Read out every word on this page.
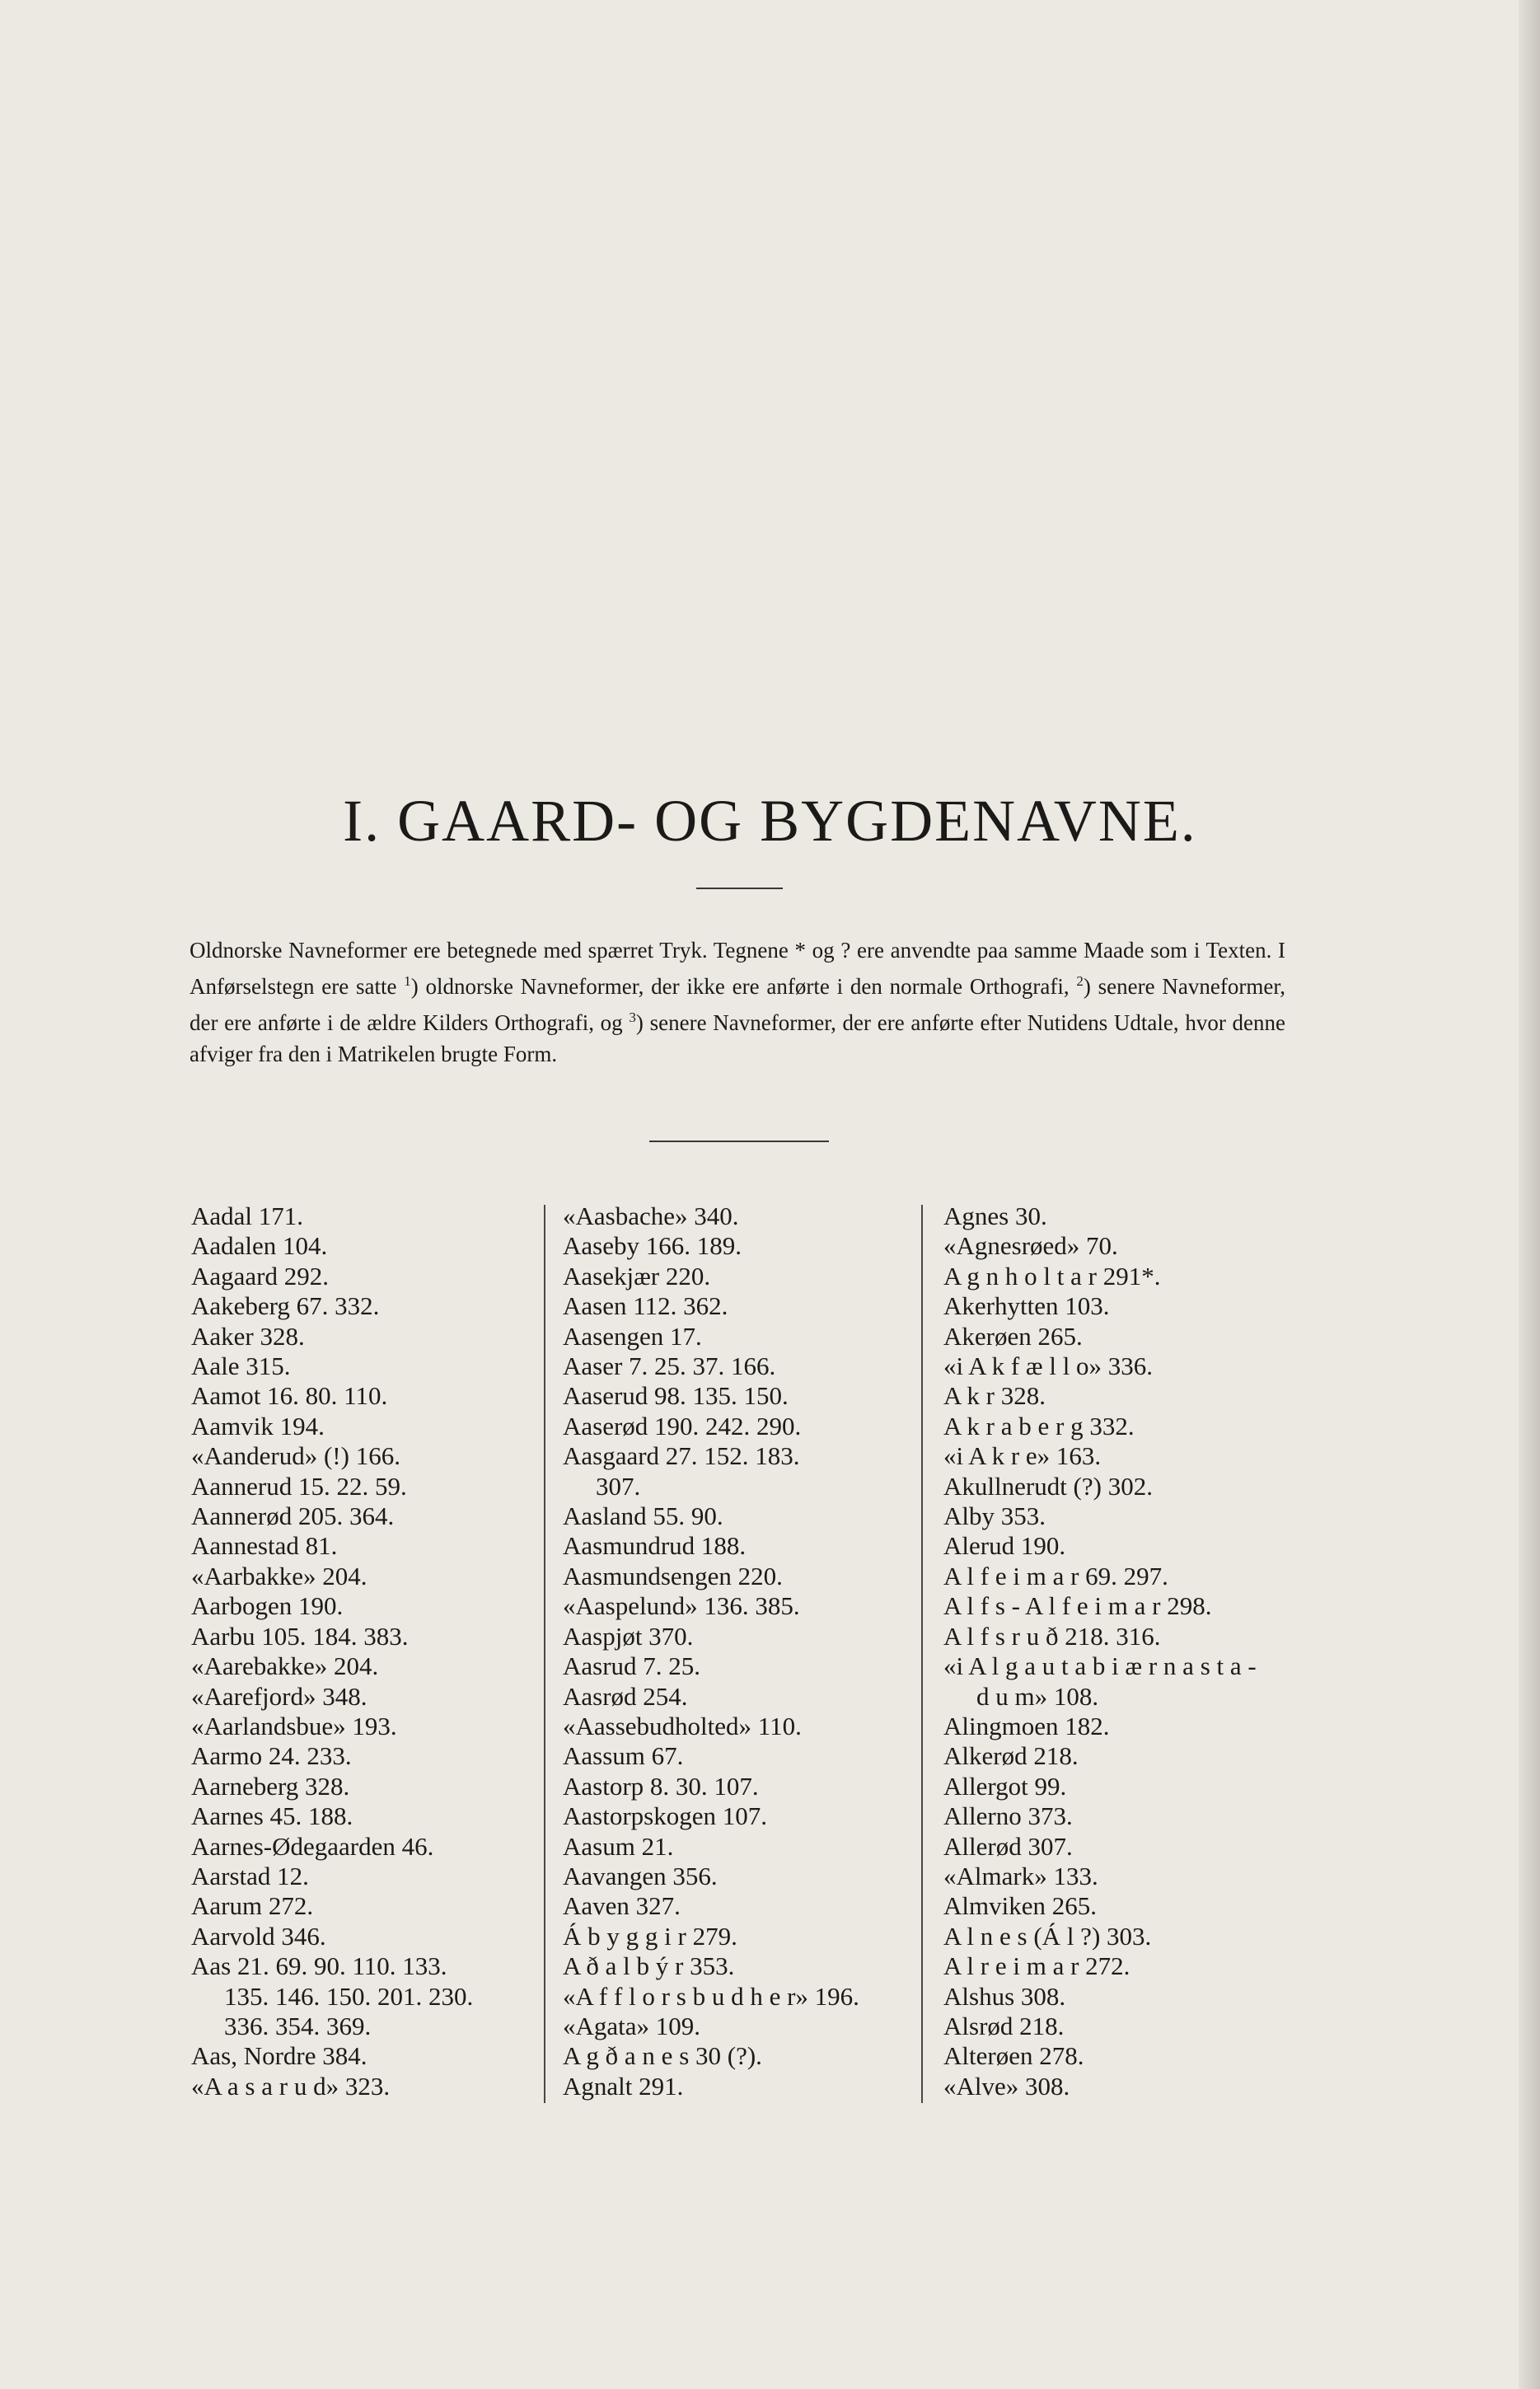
I. GAARD- OG BYGDENAVNE.

Oldnorske Navneformer ere betegnede med spærret Tryk. Tegnene * og ? ere anvendte paa samme Maade som i Texten. I Anførselstegn ere satte $^1$) oldnorske Navneformer, der ikke ere anførte i den normale Orthografi, $^2$) senere Navneformer, der ere anførte i de ældre Kilders Orthografi, og $^3$) senere Navneformer, der ere anførte efter Nutidens Udtale, hvor denne afviger fra den i Matrikelen brugte Form.

Aadal 171.
Aadalen 104.
Aagaard 292.
Aakeberg 67. 332.
Aaker 328.
Aale 315.
Aamot 16. 80. 110.
Aamvik 194.
«Aanderud» (!) 166.
Aannerud 15. 22. 59.
Aannerød 205. 364.
Aannestad 81.
«Aarbakke» 204.
Aarbogen 190.
Aarbu 105. 184. 383.
«Aarebakke» 204.
«Aarefjord» 348.
«Aarlandsbue» 193.
Aarmo 24. 233.
Aarneberg 328.
Aarnes 45. 188.
Aarnes-Ødegaarden 46.
Aarstad 12.
Aarum 272.
Aarvold 346.
Aas 21. 69. 90. 110. 133.
135. 146. 150. 201. 230.
336. 354. 369.
Aas, Nordre 384.
«A a s a r u d» 323.
«Aasbache» 340.
Aaseby 166. 189.
Aasekjær 220.
Aasen 112. 362.
Aasengen 17.
Aaser 7. 25. 37. 166.
Aaserud 98. 135. 150.
Aaserød 190. 242. 290.
Aasgaard 27. 152. 183.
307.
Aasland 55. 90.
Aasmundrud 188.
Aasmundsengen 220.
«Aaspelund» 136. 385.
Aaspjøt 370.
Aasrud 7. 25.
Aasrød 254.
«Aassebudholted» 110.
Aassum 67.
Aastorp 8. 30. 107.
Aastorpskogen 107.
Aasum 21.
Aavangen 356.
Aaven 327.
Á b y g g i r 279.
A ð a l b ý r 353.
«A f f l o r s b u d h e r» 196.
«Agata» 109.
A g ð a n e s 30 (?).
Agnalt 291.
Agnes 30.
«Agnesrøed» 70.
A g n h o l t a r 291*.
Akerhytten 103.
Akerøen 265.
«i A k f æ l l o» 336.
A k r 328.
A k r a b e r g 332.
«i A k r e» 163.
Akullnerudt (?) 302.
Alby 353.
Alerud 190.
A l f e i m a r 69. 297.
A l f s - A l f e i m a r 298.
A l f s r u ð 218. 316.
«i A l g a u t a b i æ r n a s t a -
d u m» 108.
Alingmoen 182.
Alkerød 218.
Allergot 99.
Allerno 373.
Allerød 307.
«Almark» 133.
Almviken 265.
A l n e s (Á l ?) 303.
A l r e i m a r 272.
Alshus 308.
Alsrød 218.
Alterøen 278.
«Alve» 308.
